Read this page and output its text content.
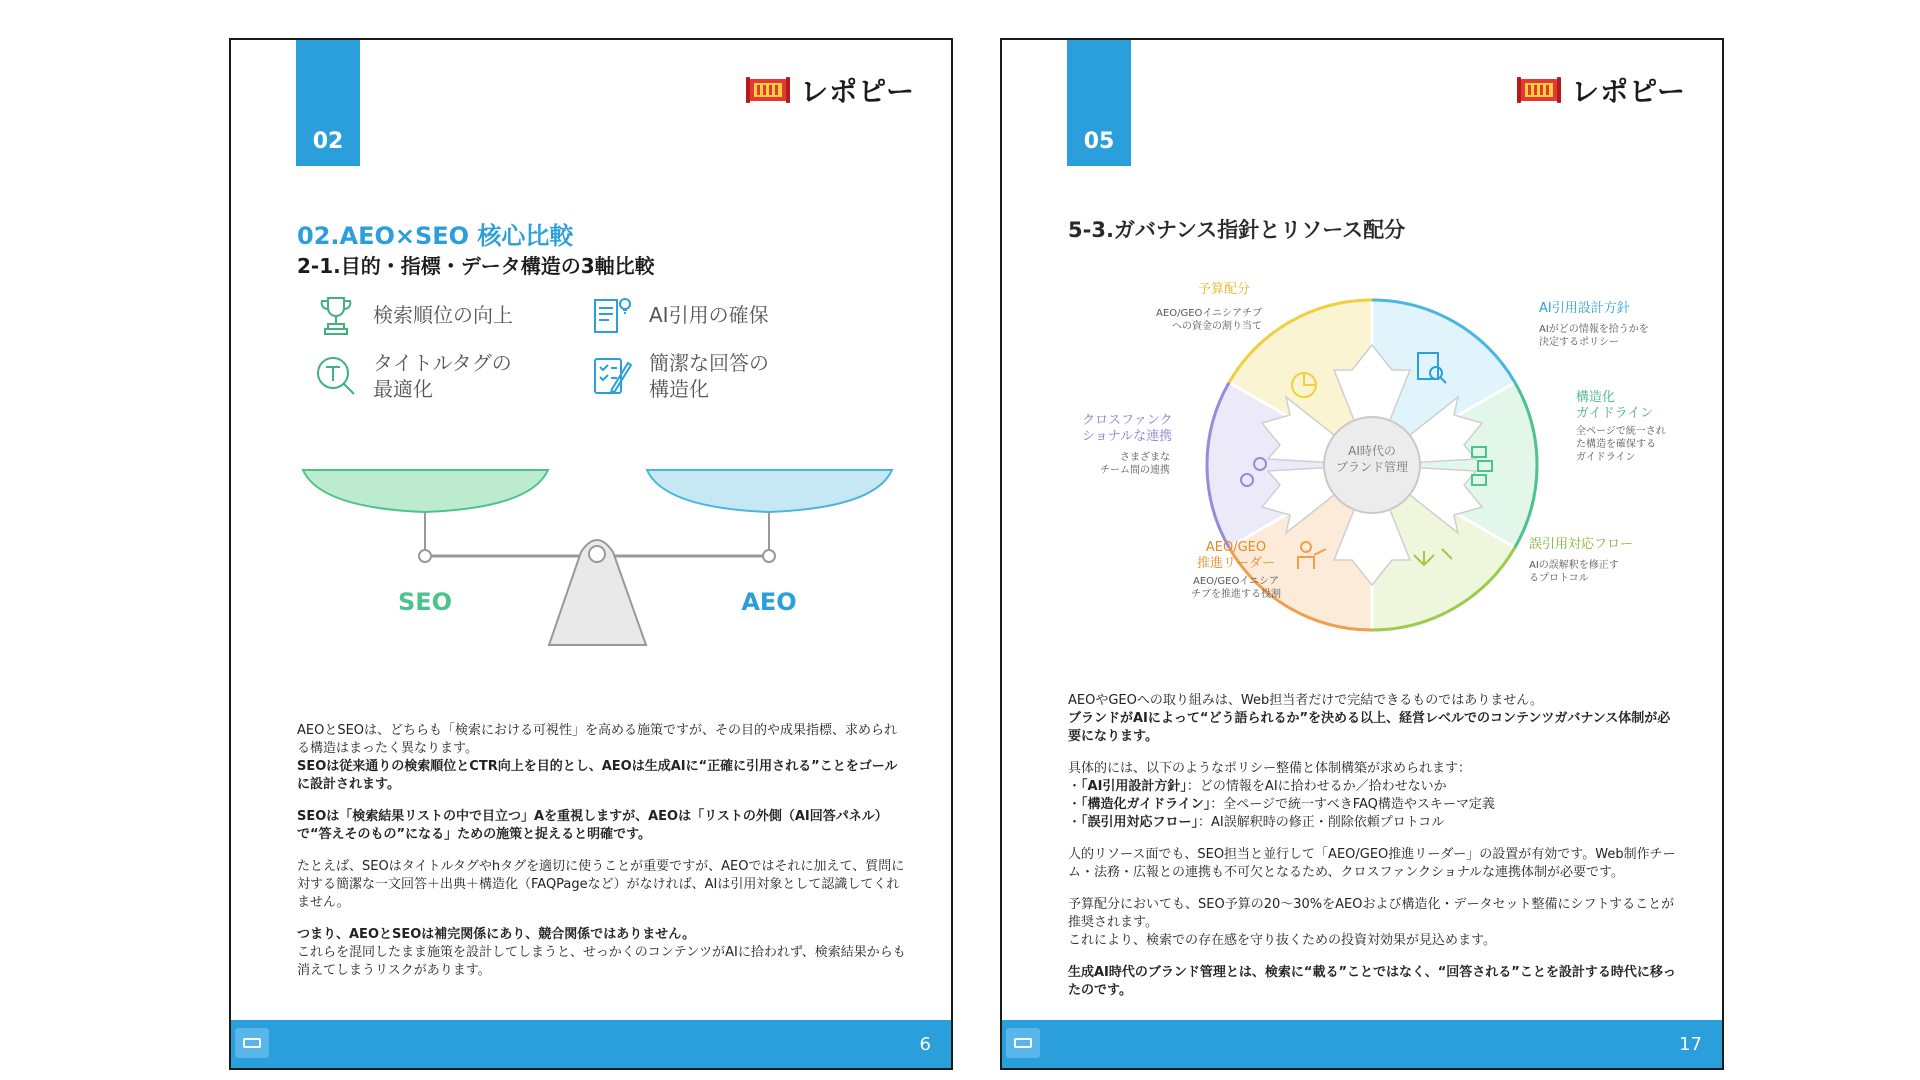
02
レポピー
02.AEO×SEO 核心比較
2-1.目的・指標・データ構造の3軸比較
検索順位の向上
タイトルタグの
最適化
AI引用の確保
簡潔な回答の
構造化
SEO	AEO

AEOとSEOは、どちらも「検索における可視性」を高める施策ですが、その目的や成果指標、求められる構造はまったく異なります。
SEOは従来通りの検索順位とCTR向上を目的とし、AEOは生成AIに“正確に引用される”ことをゴールに設計されます。

SEOは「検索結果リストの中で目立つ」Aを重視しますが、AEOは「リストの外側（AI回答パネル）で“答えそのもの”になる」ための施策と捉えると明確です。

たとえば、SEOはタイトルタグやhタグを適切に使うことが重要ですが、AEOではそれに加えて、質問に対する簡潔な一文回答＋出典＋構造化（FAQPageなど）がなければ、AIは引用対象として認識してくれません。

つまり、AEOとSEOは補完関係にあり、競合関係ではありません。
これらを混同したまま施策を設計してしまうと、せっかくのコンテンツがAIに拾われず、検索結果からも消えてしまうリスクがあります。

6
05
レポピー
5-3.ガバナンス指針とリソース配分
AI時代の
ブランド管理
予算配分
AEO/GEOイニシアチブ
への資金の割り当て
AI引用設計方針
AIがどの情報を拾うかを
決定するポリシー
構造化
ガイドライン
全ページで統一され
た構造を確保する
ガイドライン
誤引用対応フロー
AIの誤解釈を修正す
るプロトコル
AEO/GEO
推進リーダー
AEO/GEOイニシア
チブを推進する役割
クロスファンク
ショナルな連携
さまざまな
チーム間の連携

AEOやGEOへの取り組みは、Web担当者だけで完結できるものではありません。
ブランドがAIによって“どう語られるか”を決める以上、経営レベルでのコンテンツガバナンス体制が必要になります。

具体的には、以下のようなポリシー整備と体制構築が求められます：
・「AI引用設計方針」：どの情報をAIに拾わせるか／拾わせないか
・「構造化ガイドライン」：全ページで統一すべきFAQ構造やスキーマ定義
・「誤引用対応フロー」：AI誤解釈時の修正・削除依頼プロトコル

人的リソース面でも、SEO担当と並行して「AEO/GEO推進リーダー」の設置が有効です。Web制作チーム・法務・広報との連携も不可欠となるため、クロスファンクショナルな連携体制が必要です。

予算配分においても、SEO予算の20〜30%をAEOおよび構造化・データセット整備にシフトすることが推奨されます。
これにより、検索での存在感を守り抜くための投資対効果が見込めます。

生成AI時代のブランド管理とは、検索に“載る”ことではなく、“回答される”ことを設計する時代に移ったのです。

17
